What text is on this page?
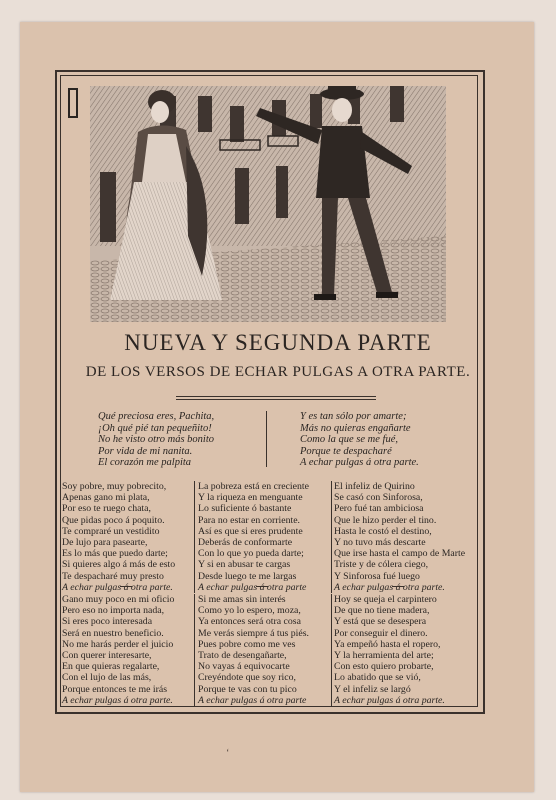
NUEVA Y SEGUNDA PARTE
DE LOS VERSOS DE ECHAR PULGAS A OTRA PARTE.
Qué preciosa eres, Pachita,
¡Oh qué pié tan pequeñito!
No he visto otro más bonito
Por vida de mi nanita.
El corazón me palpita
Y es tan sólo por amarte;
Más no quieras engañarte
Como la que se me fué,
Porque te despacharé
A echar pulgas á otra parte.
Soy pobre, muy pobrecito,
Apenas gano mi plata,
Por eso te ruego chata,
Que pidas poco á poquito.
Te compraré un vestidito
De lujo para pasearte,
Es lo más que puedo darte;
Si quieres algo á más de esto
Te despacharé muy presto
A echar pulgas á otra parte.
La pobreza está en creciente
Y la riqueza en menguante
Lo suficiente ó bastante
Para no estar en corriente.
Así es que si eres prudente
Deberás de conformarte
Con lo que yo pueda darte;
Y si en abusar te cargas
Desde luego te me largas
A echar pulgas á otra parte
El infeliz de Quirino
Se casó con Sinforosa,
Pero fué tan ambiciosa
Que le hizo perder el tino.
Hasta le costó el destino,
Y no tuvo más descarte
Que irse hasta el campo de Marte
Triste y de cólera ciego,
Y Sinforosa fué luego
A echar pulgas á otra parte.
Gano muy poco en mi oficio
Pero eso no importa nada,
Si eres poco interesada
Será en nuestro beneficio.
No me harás perder el juicio
Con querer interesarte,
En que quieras regalarte,
Con el lujo de las más,
Porque entonces te me irás
A echar pulgas á otra parte.
Si me amas sin interés
Como yo lo espero, moza,
Ya entonces será otra cosa
Me verás siempre á tus piés.
Pues pobre como me ves
Trato de desengañarte,
No vayas á equivocarte
Creyéndote que soy rico,
Porque te vas con tu pico
A echar pulgas á otra parte
Hoy se queja el carpintero
De que no tiene madera,
Y está que se desespera
Por conseguir el dinero.
Ya empeñó hasta el ropero,
Y la herramienta del arte;
Con esto quiero probarte,
Lo abatido que se vió,
Y el infeliz se largó
A echar pulgas á otra parte.
ʻ
